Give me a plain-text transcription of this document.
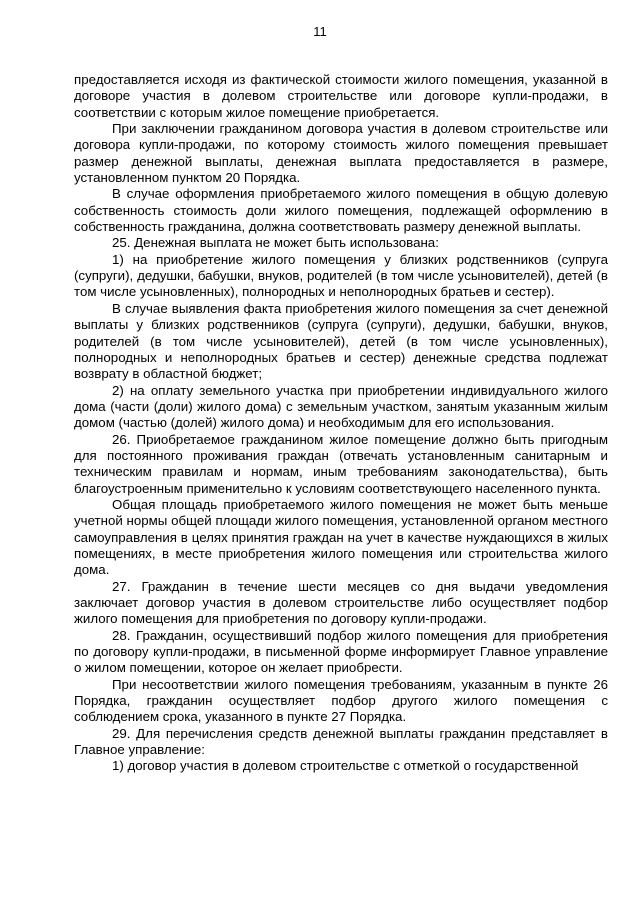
11

предоставляется исходя из фактической стоимости жилого помещения, указанной в договоре участия в долевом строительстве или договоре купли-продажи, в соответствии с которым жилое помещение приобретается.

При заключении гражданином договора участия в долевом строительстве или договора купли-продажи, по которому стоимость жилого помещения превышает размер денежной выплаты, денежная выплата предоставляется в размере, установленном пунктом 20 Порядка.

В случае оформления приобретаемого жилого помещения в общую долевую собственность стоимость доли жилого помещения, подлежащей оформлению в собственность гражданина, должна соответствовать размеру денежной выплаты.

25. Денежная выплата не может быть использована:

1) на приобретение жилого помещения у близких родственников (супруга (супруги), дедушки, бабушки, внуков, родителей (в том числе усыновителей), детей (в том числе усыновленных), полнородных и неполнородных братьев и сестер).

В случае выявления факта приобретения жилого помещения за счет денежной выплаты у близких родственников (супруга (супруги), дедушки, бабушки, внуков, родителей (в том числе усыновителей), детей (в том числе усыновленных), полнородных и неполнородных братьев и сестер) денежные средства подлежат возврату в областной бюджет;

2) на оплату земельного участка при приобретении индивидуального жилого дома (части (доли) жилого дома) с земельным участком, занятым указанным жилым домом (частью (долей) жилого дома) и необходимым для его использования.

26. Приобретаемое гражданином жилое помещение должно быть пригодным для постоянного проживания граждан (отвечать установленным санитарным и техническим правилам и нормам, иным требованиям законодательства), быть благоустроенным применительно к условиям соответствующего населенного пункта.

Общая площадь приобретаемого жилого помещения не может быть меньше учетной нормы общей площади жилого помещения, установленной органом местного самоуправления в целях принятия граждан на учет в качестве нуждающихся в жилых помещениях, в месте приобретения жилого помещения или строительства жилого дома.

27. Гражданин в течение шести месяцев со дня выдачи уведомления заключает договор участия в долевом строительстве либо осуществляет подбор жилого помещения для приобретения по договору купли-продажи.

28. Гражданин, осуществивший подбор жилого помещения для приобретения по договору купли-продажи, в письменной форме информирует Главное управление о жилом помещении, которое он желает приобрести.

При несоответствии жилого помещения требованиям, указанным в пункте 26 Порядка, гражданин осуществляет подбор другого жилого помещения с соблюдением срока, указанного в пункте 27 Порядка.

29. Для перечисления средств денежной выплаты гражданин представляет в Главное управление:

1) договор участия в долевом строительстве с отметкой о государственной
